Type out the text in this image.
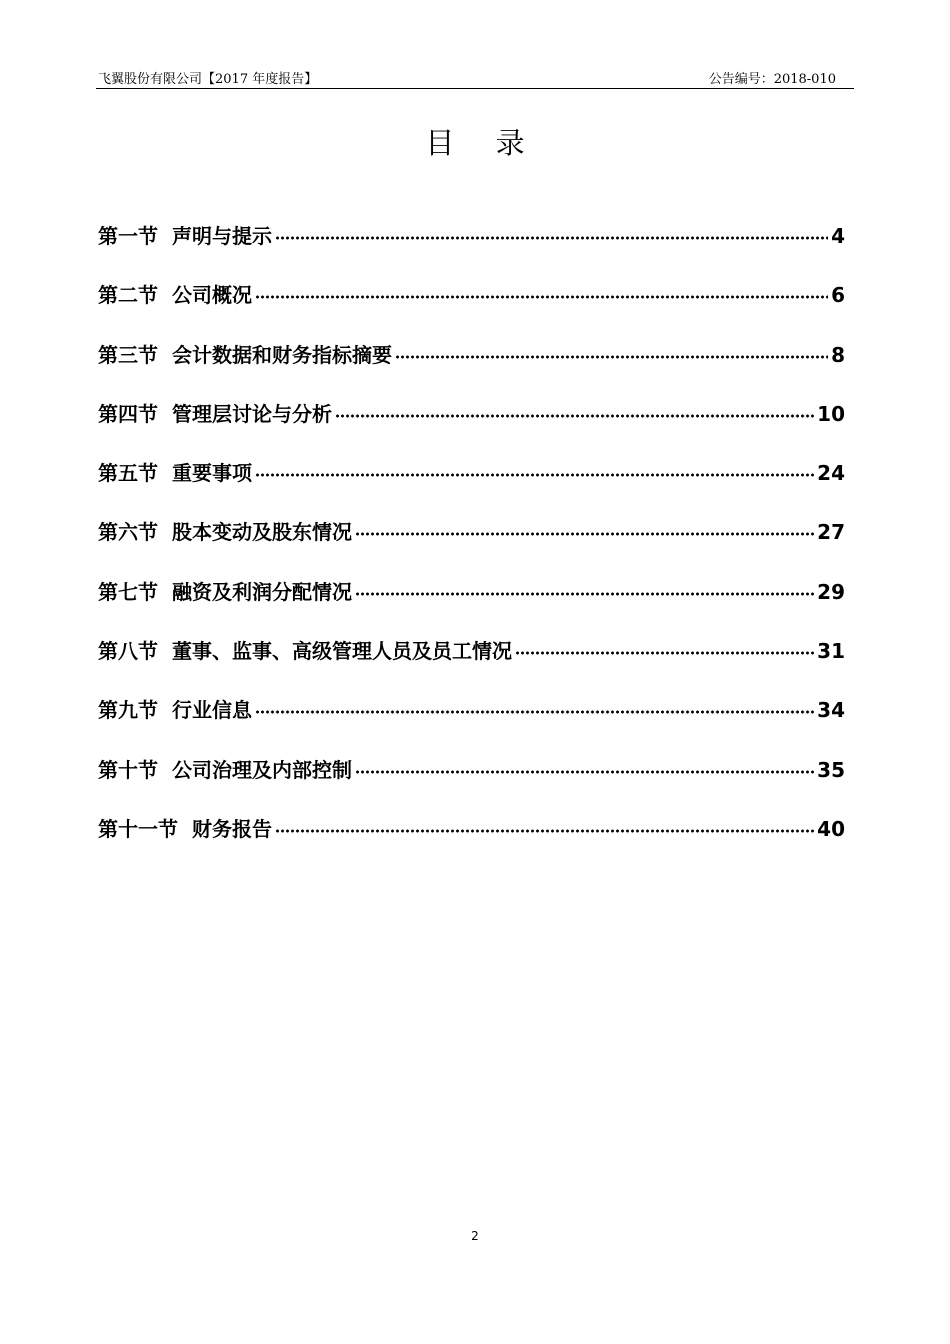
飞翼股份有限公司【2017 年度报告】	公告编号：2018-010
目 录
第一节 声明与提示	4
第二节 公司概况	6
第三节 会计数据和财务指标摘要	8
第四节 管理层讨论与分析	10
第五节 重要事项	24
第六节 股本变动及股东情况	27
第七节 融资及利润分配情况	29
第八节 董事、监事、高级管理人员及员工情况	31
第九节 行业信息	34
第十节 公司治理及内部控制	35
第十一节 财务报告	40
2
